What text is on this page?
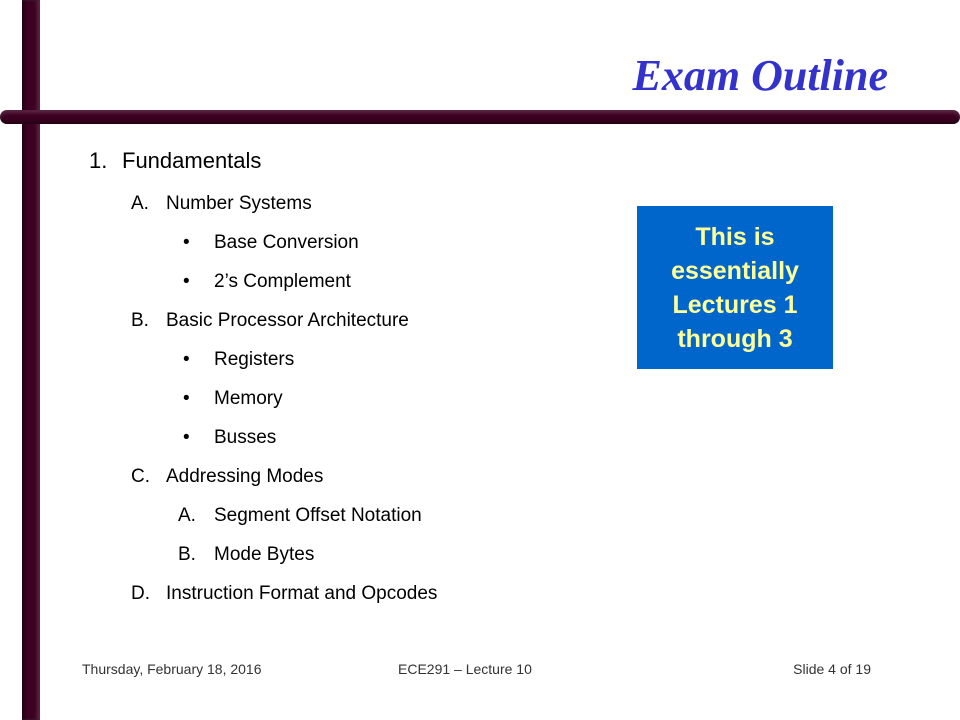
Exam Outline
1. Fundamentals
A. Number Systems
• Base Conversion
• 2’s Complement
B. Basic Processor Architecture
• Registers
• Memory
• Busses
C. Addressing Modes
A. Segment Offset Notation
B. Mode Bytes
D. Instruction Format and Opcodes
This is
essentially
Lectures 1
through 3
Thursday, February 18, 2016	ECE291 – Lecture 10	Slide 4 of 19
